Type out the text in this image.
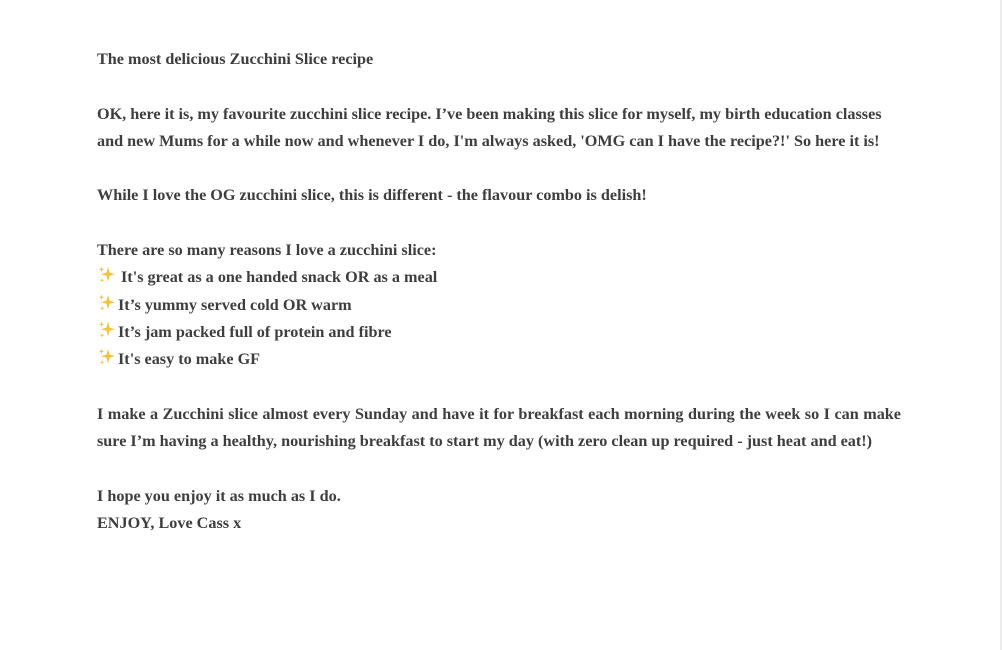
The most delicious Zucchini Slice recipe

OK, here it is, my favourite zucchini slice recipe. I’ve been making this slice for myself, my birth education classes

and new Mums for a while now and whenever I do, I'm always asked, 'OMG can I have the recipe?!' So here it is!

While I love the OG zucchini slice, this is different - the flavour combo is delish!

There are so many reasons I love a zucchini slice:

It's great as a one handed snack OR as a meal

It’s yummy served cold OR warm

It’s jam packed full of protein and fibre

It's easy to make GF

I make a Zucchini slice almost every Sunday and have it for breakfast each morning during the week so I can make sure I’m having a healthy, nourishing breakfast to start my day (with zero clean up required - just heat and eat!)

I hope you enjoy it as much as I do.

ENJOY, Love Cass x
